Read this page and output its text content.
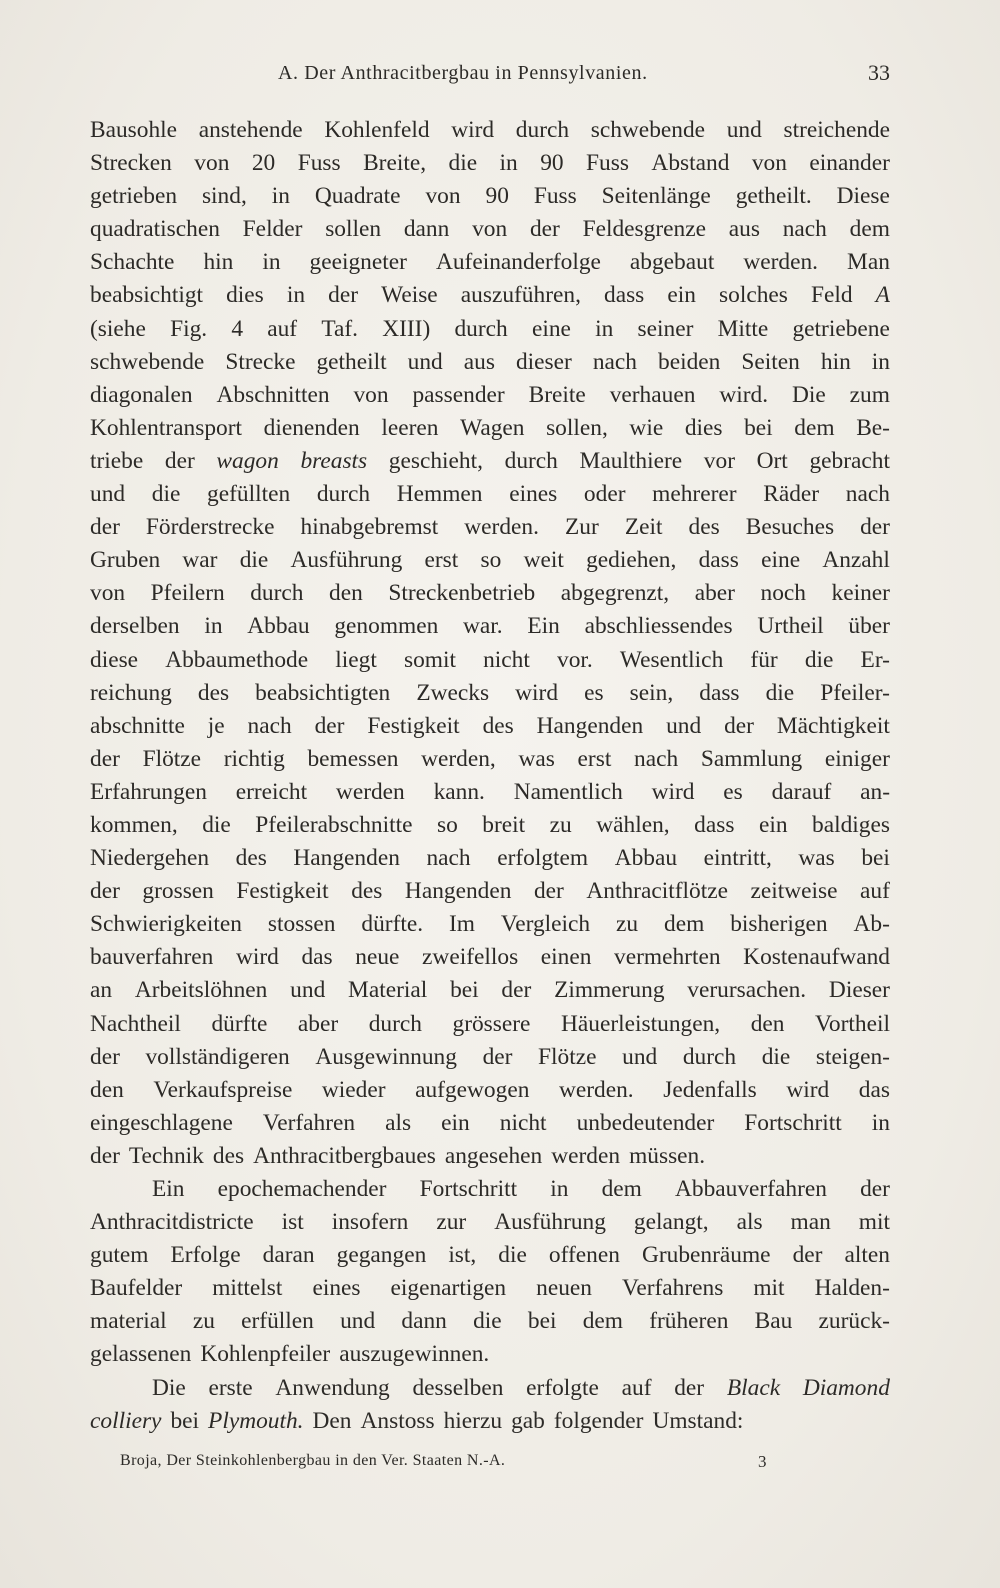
A. Der Anthracitbergbau in Pennsylvanien.	33
Bausohle anstehende Kohlenfeld wird durch schwebende und streichende
Strecken von 20 Fuss Breite, die in 90 Fuss Abstand von einander
getrieben sind, in Quadrate von 90 Fuss Seitenlänge getheilt. Diese
quadratischen Felder sollen dann von der Feldesgrenze aus nach dem
Schachte hin in geeigneter Aufeinanderfolge abgebaut werden. Man
beabsichtigt dies in der Weise auszuführen, dass ein solches Feld A
(siehe Fig. 4 auf Taf. XIII) durch eine in seiner Mitte getriebene
schwebende Strecke getheilt und aus dieser nach beiden Seiten hin in
diagonalen Abschnitten von passender Breite verhauen wird. Die zum
Kohlentransport dienenden leeren Wagen sollen, wie dies bei dem Be-
triebe der wagon breasts geschieht, durch Maulthiere vor Ort gebracht
und die gefüllten durch Hemmen eines oder mehrerer Räder nach
der Förderstrecke hinabgebremst werden. Zur Zeit des Besuches der
Gruben war die Ausführung erst so weit gediehen, dass eine Anzahl
von Pfeilern durch den Streckenbetrieb abgegrenzt, aber noch keiner
derselben in Abbau genommen war. Ein abschliessendes Urtheil über
diese Abbaumethode liegt somit nicht vor. Wesentlich für die Er-
reichung des beabsichtigten Zwecks wird es sein, dass die Pfeiler-
abschnitte je nach der Festigkeit des Hangenden und der Mächtigkeit
der Flötze richtig bemessen werden, was erst nach Sammlung einiger
Erfahrungen erreicht werden kann. Namentlich wird es darauf an-
kommen, die Pfeilerabschnitte so breit zu wählen, dass ein baldiges
Niedergehen des Hangenden nach erfolgtem Abbau eintritt, was bei
der grossen Festigkeit des Hangenden der Anthracitflötze zeitweise auf
Schwierigkeiten stossen dürfte. Im Vergleich zu dem bisherigen Ab-
bauverfahren wird das neue zweifellos einen vermehrten Kostenaufwand
an Arbeitslöhnen und Material bei der Zimmerung verursachen. Dieser
Nachtheil dürfte aber durch grössere Häuerleistungen, den Vortheil
der vollständigeren Ausgewinnung der Flötze und durch die steigen-
den Verkaufspreise wieder aufgewogen werden. Jedenfalls wird das
eingeschlagene Verfahren als ein nicht unbedeutender Fortschritt in
der Technik des Anthracitbergbaues angesehen werden müssen.
Ein epochemachender Fortschritt in dem Abbauverfahren der
Anthracitdistricte ist insofern zur Ausführung gelangt, als man mit
gutem Erfolge daran gegangen ist, die offenen Grubenräume der alten
Baufelder mittelst eines eigenartigen neuen Verfahrens mit Halden-
material zu erfüllen und dann die bei dem früheren Bau zurück-
gelassenen Kohlenpfeiler auszugewinnen.
Die erste Anwendung desselben erfolgte auf der Black Diamond
colliery bei Plymouth. Den Anstoss hierzu gab folgender Umstand:
Broja, Der Steinkohlenbergbau in den Ver. Staaten N.-A.	3
